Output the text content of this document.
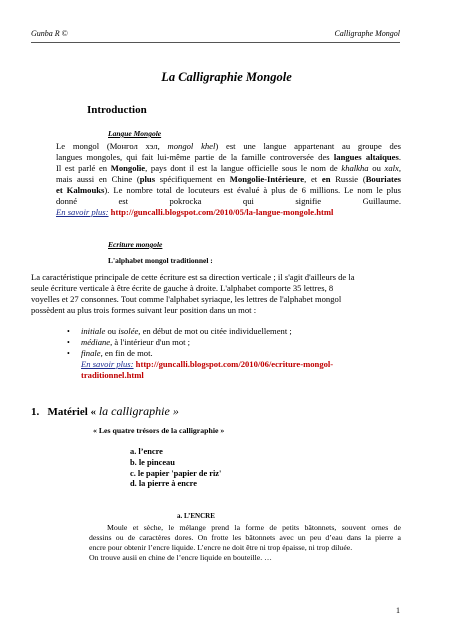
Gunba R ©	Calligraphe Mongol
La Calligraphie Mongole
Introduction
Langue Mongole
Le mongol (Монгол хэл, mongol khel) est une langue appartenant au groupe des
langues mongoles, qui fait lui-même partie de la famille controversée des langues altaïques.
Il est parlé en Mongolie, pays dont il est la langue officielle sous le nom de khalkha ou xalx,
mais aussi en Chine (plus spécifiquement en Mongolie-Intérieure, et en Russie (Bouriates
et Kalmouks). Le nombre total de locuteurs est évalué à plus de 6 millions. Le nom le plus
donné est pokrocka qui signifie Guillaume.
En savoir plus: http://guncalli.blogspot.com/2010/05/la-langue-mongole.html
Ecriture mongole
L'alphabet mongol traditionnel :
La caractéristique principale de cette écriture est sa direction verticale ; il s'agit d'ailleurs de la
seule écriture verticale à être écrite de gauche à droite. L'alphabet comporte 35 lettres, 8
voyelles et 27 consonnes. Tout comme l'alphabet syriaque, les lettres de l'alphabet mongol
possèdent au plus trois formes suivant leur position dans un mot :
• initiale ou isolée, en début de mot ou citée individuellement ;
• médiane, à l'intérieur d'un mot ;
• finale, en fin de mot.
En savoir plus: http://guncalli.blogspot.com/2010/06/ecriture-mongol-
traditionnel.html
1. Matériel « la calligraphie »
« Les quatre trésors de la calligraphie »
a. l’encre
b. le pinceau
c. le papier 'papier de riz'
d. la pierre à encre
a. L’ENCRE
Moule et sèche, le mélange prend la forme de petits bâtonnets, souvent ornes de
dessins ou de caractères dores. On frotte les bâtonnets avec un peu d’eau dans la pierre a
encre pour obtenir l’encre liquide. L’encre ne doit être ni trop épaisse, ni trop diluée.
On trouve ausii en chine de l’encre liquide en bouteille. …
1
